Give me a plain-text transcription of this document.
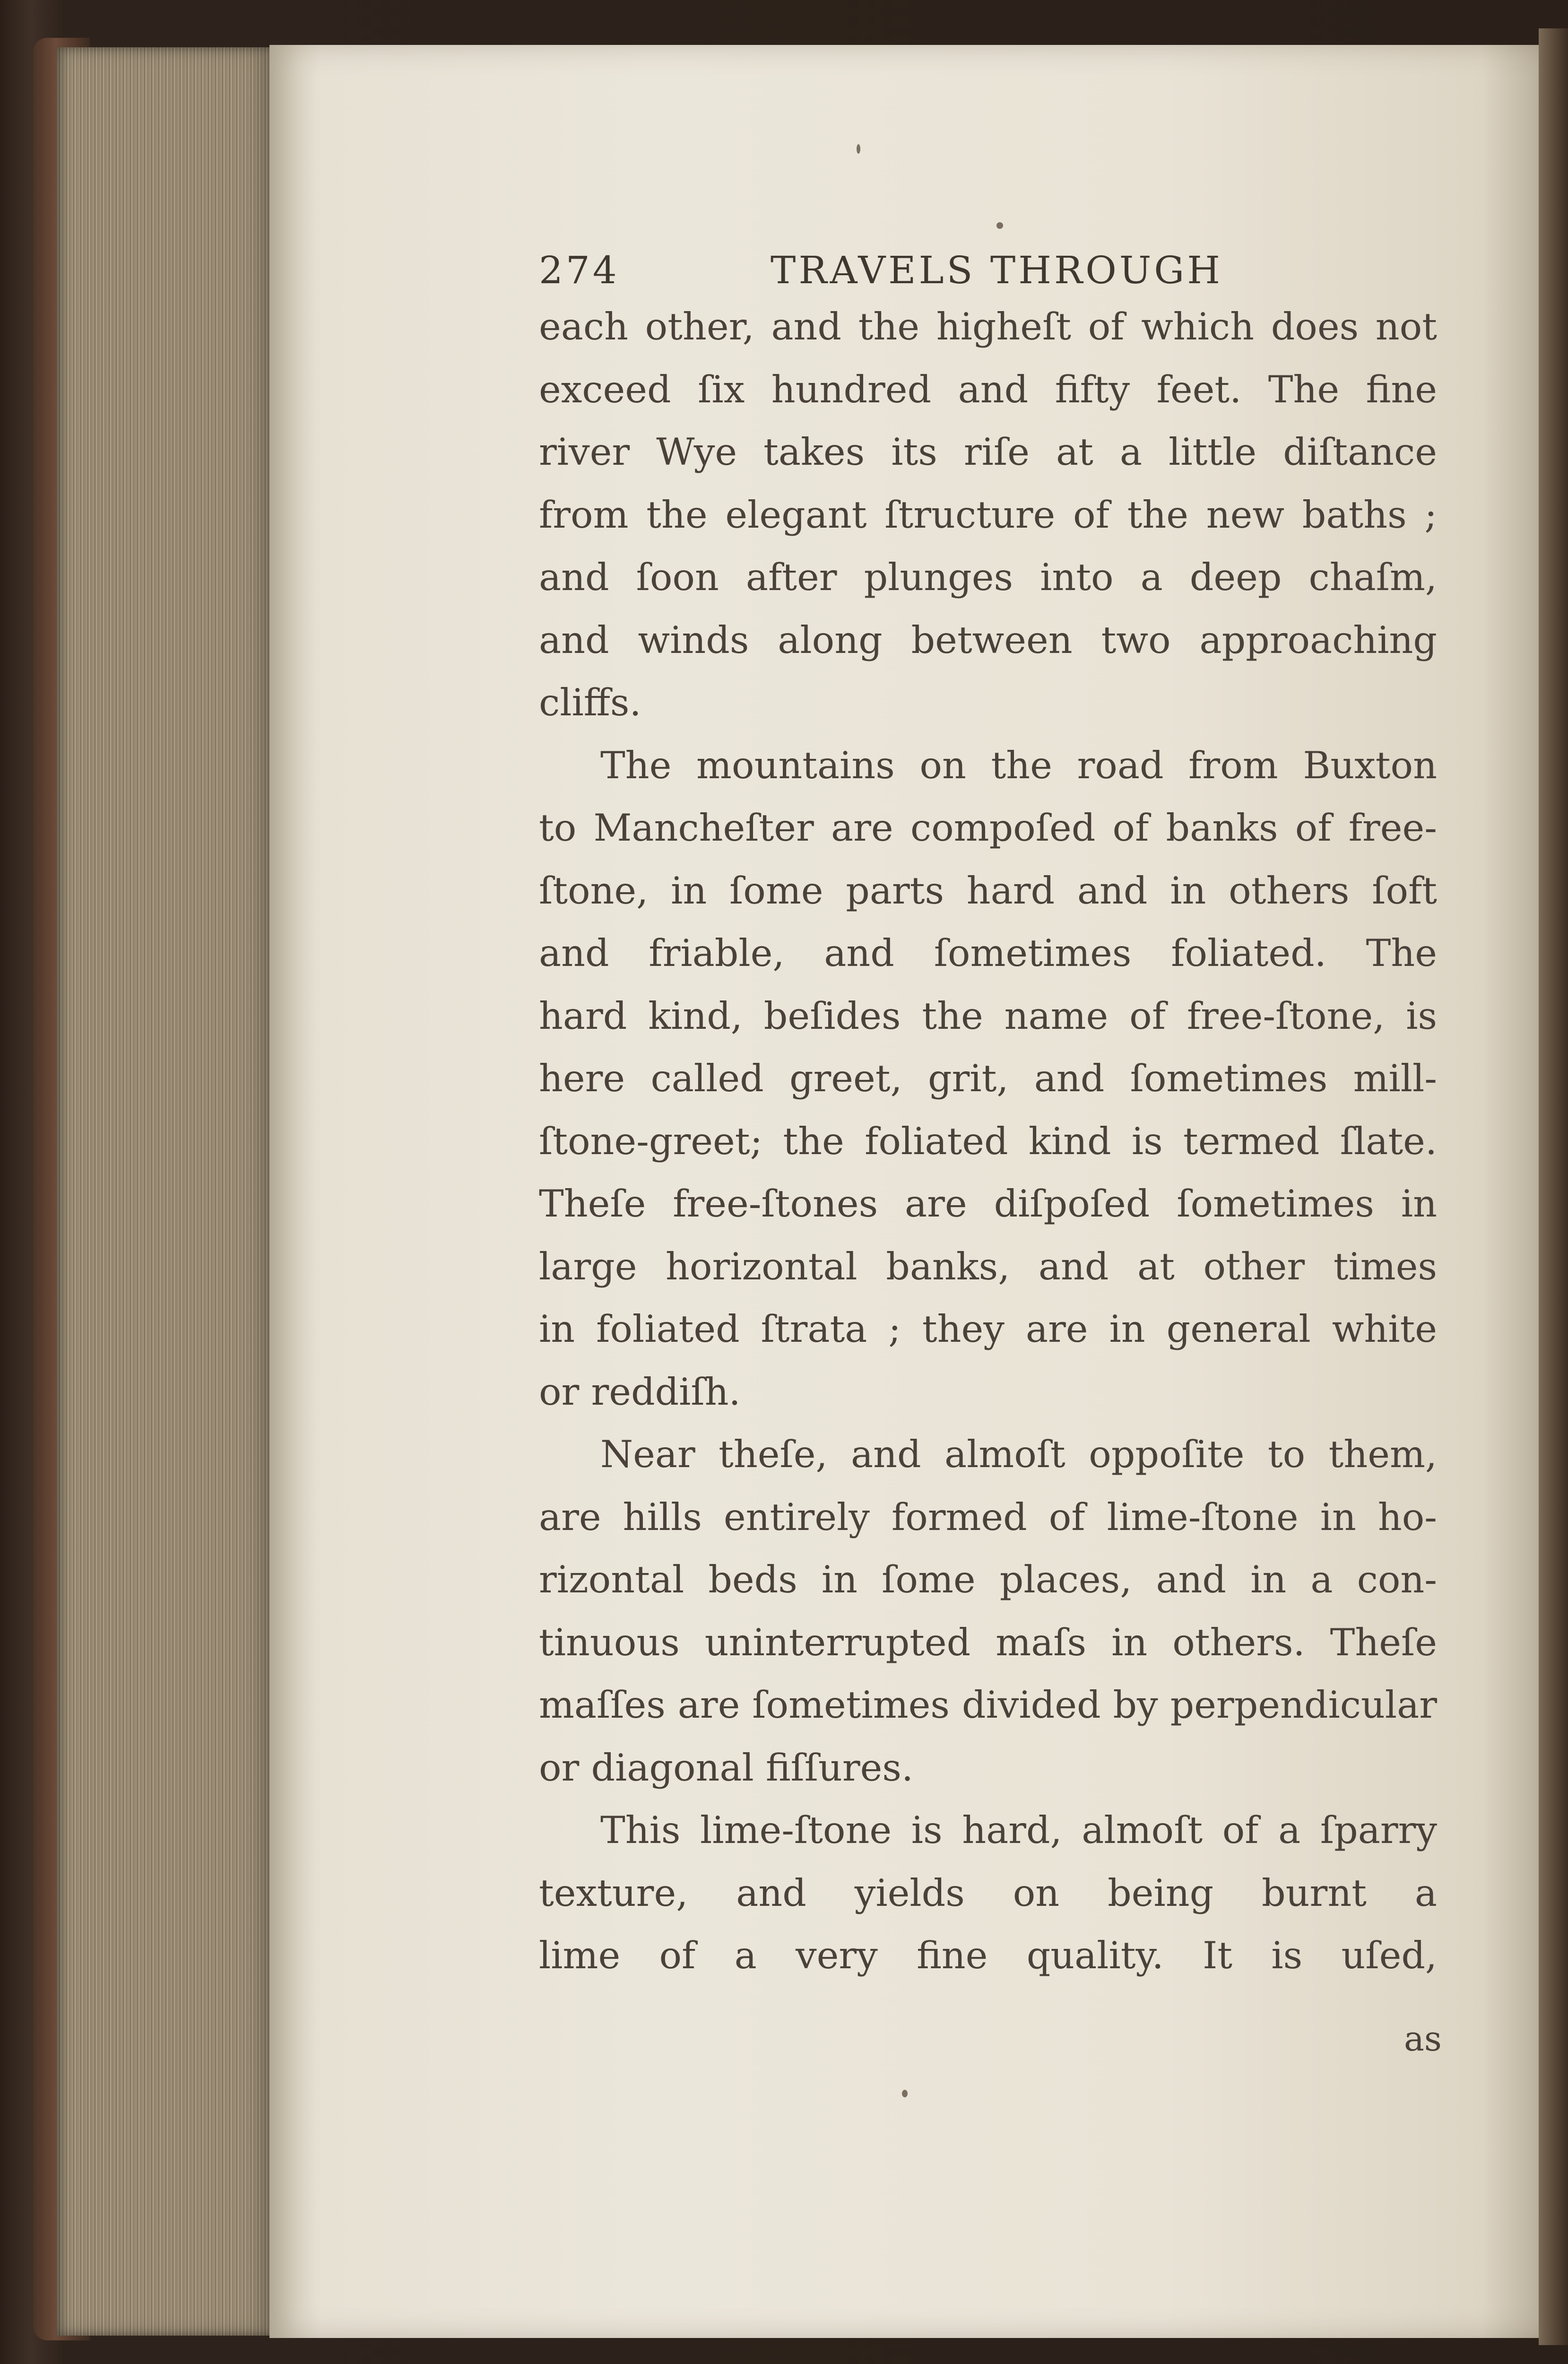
274	TRAVELS THROUGH
each other, and the higheſt of which does not
exceed ſix hundred and fifty feet. The fine
river Wye takes its riſe at a little diſtance
from the elegant ſtructure of the new baths ;
and ſoon after plunges into a deep chaſm,
and winds along between two approaching
cliffs.
The mountains on the road from Buxton
to Mancheſter are compoſed of banks of free-
ſtone, in ſome parts hard and in others ſoft
and friable, and ſometimes foliated. The
hard kind, beſides the name of free-ſtone, is
here called greet, grit, and ſometimes mill-
ſtone-greet; the foliated kind is termed ſlate.
Theſe free-ſtones are diſpoſed ſometimes in
large horizontal banks, and at other times
in foliated ſtrata ; they are in general white
or reddiſh.
Near theſe, and almoſt oppoſite to them,
are hills entirely formed of lime-ſtone in ho-
rizontal beds in ſome places, and in a con-
tinuous uninterrupted maſs in others. Theſe
maſſes are ſometimes divided by perpendicular
or diagonal fiſſures.
This lime-ſtone is hard, almoſt of a ſparry
texture, and yields on being burnt a
lime of a very fine quality. It is uſed,
as
